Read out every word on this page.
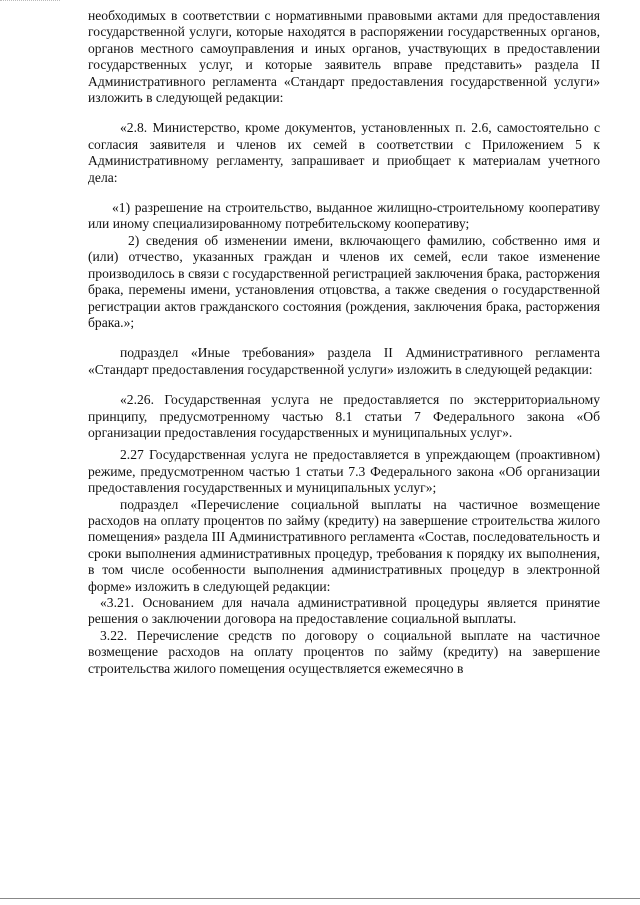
необходимых в соответствии с нормативными правовыми актами для предоставления государственной услуги, которые находятся в распоряжении государственных органов, органов местного самоуправления и иных органов, участвующих в предоставлении государственных услуг, и которые заявитель вправе представить» раздела II Административного регламента «Стандарт предоставления государственной услуги» изложить в следующей редакции:

«2.8. Министерство, кроме документов, установленных п. 2.6, самостоятельно с согласия заявителя и членов их семей в соответствии с Приложением 5 к Административному регламенту, запрашивает и приобщает к материалам учетного дела:

«1) разрешение на строительство, выданное жилищно-строительному кооперативу или иному специализированному потребительскому кооперативу;

2) сведения об изменении имени, включающего фамилию, собственно имя и (или) отчество, указанных граждан и членов их семей, если такое изменение производилось в связи с государственной регистрацией заключения брака, расторжения брака, перемены имени, установления отцовства, а также сведения о государственной регистрации актов гражданского состояния (рождения, заключения брака, расторжения брака.»;

подраздел «Иные требования» раздела II Административного регламента «Стандарт предоставления государственной услуги» изложить в следующей редакции:

«2.26. Государственная услуга не предоставляется по экстерриториальному принципу, предусмотренному частью 8.1 статьи 7 Федерального закона «Об организации предоставления государственных и муниципальных услуг».

2.27 Государственная услуга не предоставляется в упреждающем (проактивном) режиме, предусмотренном частью 1 статьи 7.3 Федерального закона «Об организации предоставления государственных и муниципальных услуг»;

подраздел «Перечисление социальной выплаты на частичное возмещение расходов на оплату процентов по займу (кредиту) на завершение строительства жилого помещения» раздела III Административного регламента «Состав, последовательность и сроки выполнения административных процедур, требования к порядку их выполнения, в том числе особенности выполнения административных процедур в электронной форме» изложить в следующей редакции:

«3.21. Основанием для начала административной процедуры является принятие решения о заключении договора на предоставление социальной выплаты.

3.22. Перечисление средств по договору о социальной выплате на частичное возмещение расходов на оплату процентов по займу (кредиту) на завершение строительства жилого помещения осуществляется ежемесячно в
